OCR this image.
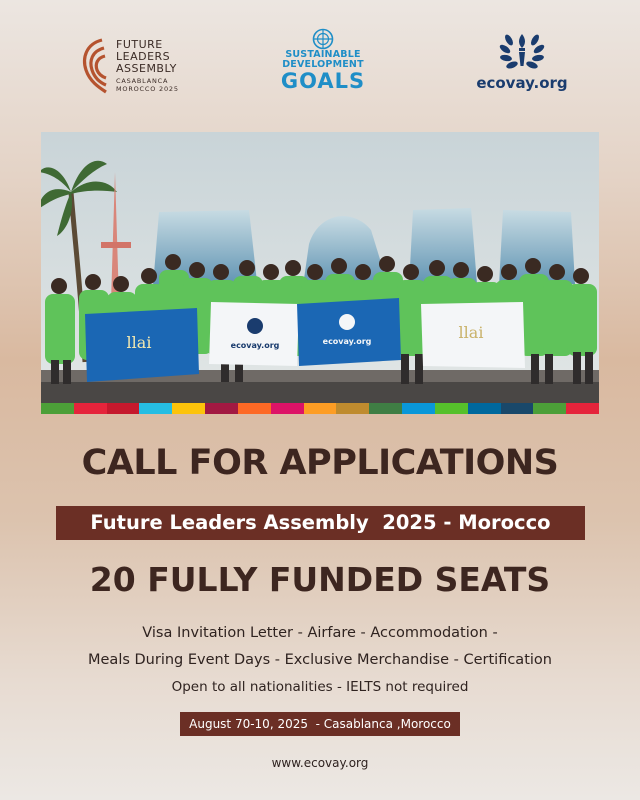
FUTURE
LEADERS
ASSEMBLY
CASABLANCA
MOROCCO 2025
SUSTAINABLE
DEVELOPMENT
GOALS	ecovay.org
llai	ecovay.org	ecovay.org	llai
CALL FOR APPLICATIONS
Future Leaders Assembly  2025 - Morocco
20 FULLY FUNDED SEATS
Visa Invitation Letter - Airfare - Accommodation -
Meals During Event Days - Exclusive Merchandise - Certification
Open to all nationalities - IELTS not required
August 70-10, 2025  - Casablanca ,Morocco
www.ecovay.org
